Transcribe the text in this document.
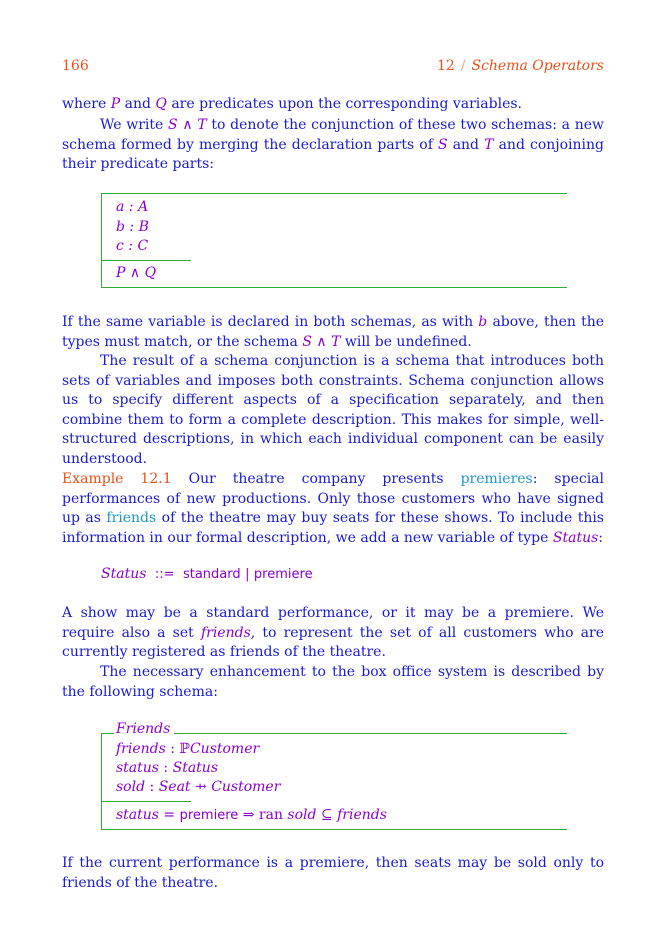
166	12 / Schema Operators
where P and Q are predicates upon the corresponding variables.
We write S ∧ T to denote the conjunction of these two schemas: a new schema formed by merging the declaration parts of S and T and conjoining their predicate parts:
a : A
b : B
c : C
P ∧ Q
If the same variable is declared in both schemas, as with b above, then the types must match, or the schema S ∧ T will be undefined.
The result of a schema conjunction is a schema that introduces both sets of variables and imposes both constraints. Schema conjunction allows us to specify different aspects of a specification separately, and then combine them to form a complete description. This makes for simple, well-structured descriptions, in which each individual component can be easily understood.
Example 12.1 Our theatre company presents premieres: special performances of new productions. Only those customers who have signed up as friends of the theatre may buy seats for these shows. To include this information in our formal description, we add a new variable of type Status:
Status ::= standard | premiere
A show may be a standard performance, or it may be a premiere. We require also a set friends, to represent the set of all customers who are currently registered as friends of the theatre.
The necessary enhancement to the box office system is described by the following schema:
Friends
friends : ℙCustomer
status : Status
sold : Seat ⇸ Customer
status = premiere ⇒ ran sold ⊆ friends
If the current performance is a premiere, then seats may be sold only to friends of the theatre.
